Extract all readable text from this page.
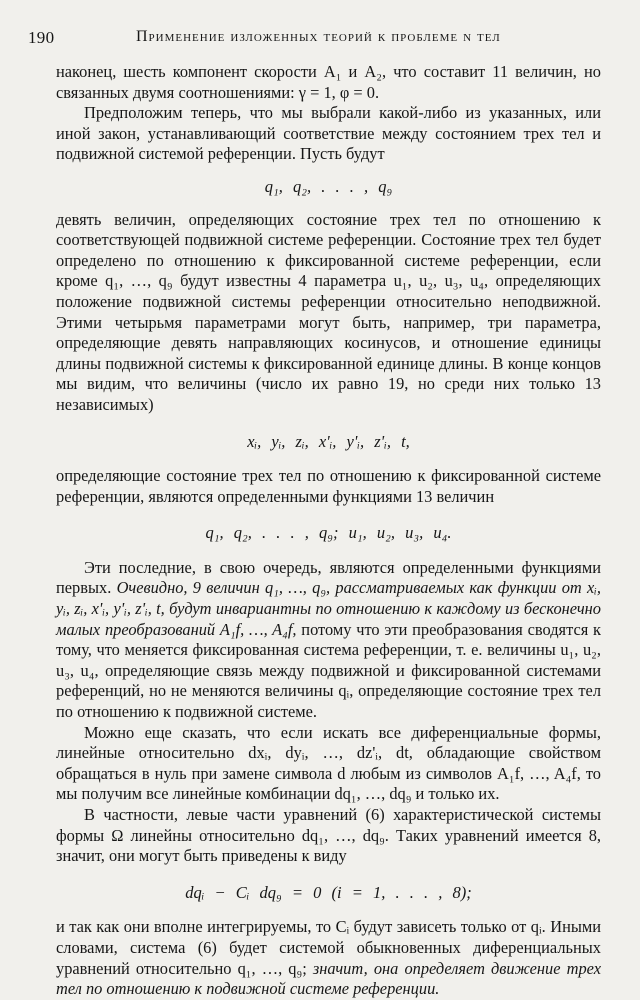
190	Применение изложенных теорий к проблеме n тел

наконец, шесть компонент скорости A₁ и A₂, что составит 11 величин, но связанных двумя соотношениями: γ = 1, φ = 0.

Предположим теперь, что мы выбрали какой-либо из указанных, или иной закон, устанавливающий соответствие между состоянием трех тел и подвижной системой референции. Пусть будут

q₁, q₂, . . . , q₉

девять величин, определяющих состояние трех тел по отношению к соответствующей подвижной системе референции. Состояние трех тел будет определено по отношению к фиксированной системе референции, если кроме q₁, …, q₉ будут известны 4 параметра u₁, u₂, u₃, u₄, определяющих положение подвижной системы референции относительно неподвижной. Этими четырьмя параметрами могут быть, например, три параметра, определяющие девять направляющих косинусов, и отношение единицы длины подвижной системы к фиксированной единице длины. В конце концов мы видим, что величины (число их равно 19, но среди них только 13 независимых)

xᵢ, yᵢ, zᵢ, x'ᵢ, y'ᵢ, z'ᵢ, t,

определяющие состояние трех тел по отношению к фиксированной системе референции, являются определенными функциями 13 величин

q₁, q₂, . . . , q₉; u₁, u₂, u₃, u₄.

Эти последние, в свою очередь, являются определенными функциями первых. Очевидно, 9 величин q₁, …, q₉, рассматриваемых как функции от xᵢ, yᵢ, zᵢ, x'ᵢ, y'ᵢ, z'ᵢ, t, будут инвариантны по отношению к каждому из бесконечно малых преобразований A₁f, …, A₄f, потому что эти преобразования сводятся к тому, что меняется фиксированная система референции, т. е. величины u₁, u₂, u₃, u₄, определяющие связь между подвижной и фиксированной системами референций, но не меняются величины qᵢ, определяющие состояние трех тел по отношению к подвижной системе.

Можно еще сказать, что если искать все диференциальные формы, линейные относительно dxᵢ, dyᵢ, …, dz'ᵢ, dt, обладающие свойством обращаться в нуль при замене символа d любым из символов A₁f, …, A₄f, то мы получим все линейные комбинации dq₁, …, dq₉ и только их.

В частности, левые части уравнений (6) характеристической системы формы Ω линейны относительно dq₁, …, dq₉. Таких уравнений имеется 8, значит, они могут быть приведены к виду

dqᵢ − Cᵢ dq₉ = 0 (i = 1, . . . , 8);

и так как они вполне интегрируемы, то Cᵢ будут зависеть только от qᵢ. Иными словами, система (6) будет системой обыкновенных диференциальных уравнений относительно q₁, …, q₉; значит, она определяет движение трех тел по отношению к подвижной системе референции.
